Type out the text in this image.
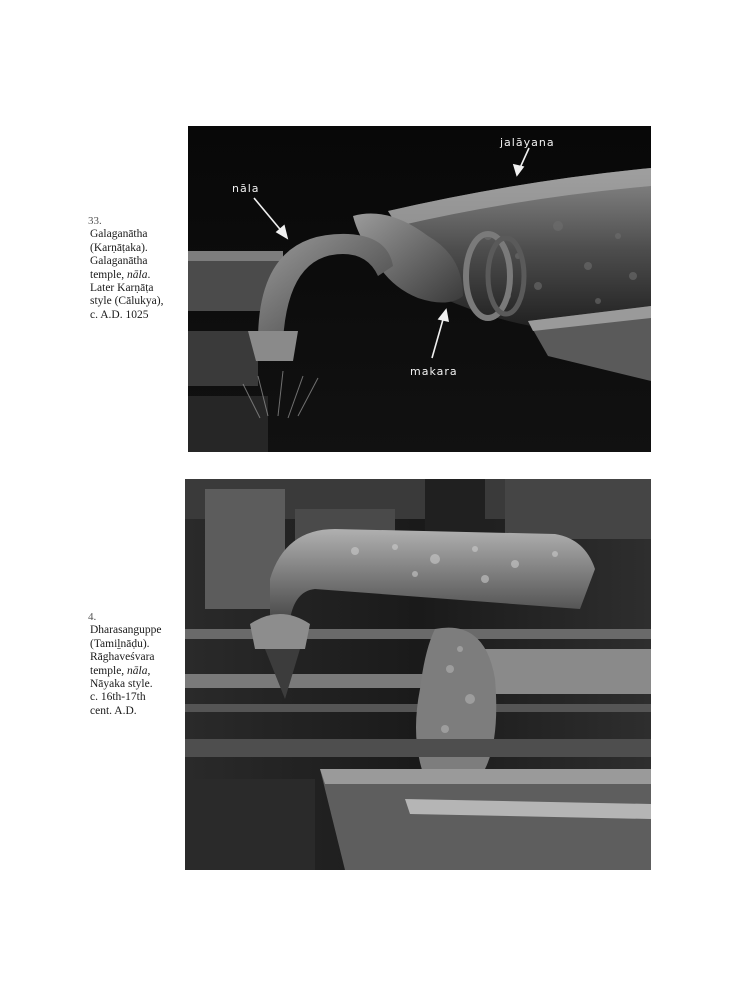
nāla
jalāyana
makara
33.
Galaganātha
(Karṇāṭaka).
Galaganātha
temple, nāla.
Later Karṇāṭa
style (Cālukya),
c. A.D. 1025
4.
Dharasanguppe
(Tamiḻnāḍu).
Rāghaveśvara
temple, nāla,
Nāyaka style.
c. 16th-17th
cent. A.D.
